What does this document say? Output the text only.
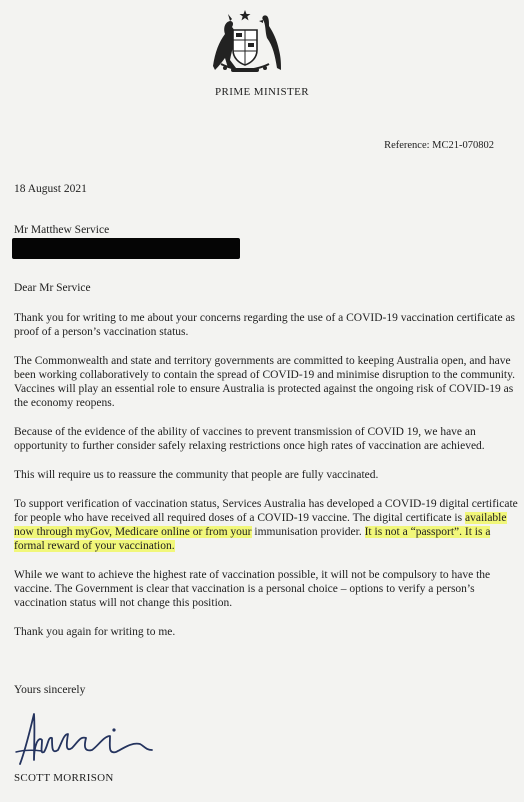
PRIME MINISTER
Reference: MC21-070802
18 August 2021
Mr Matthew Service
Dear Mr Service

Thank you for writing to me about your concerns regarding the use of a COVID-19 vaccination certificate as proof of a person’s vaccination status.

The Commonwealth and state and territory governments are committed to keeping Australia open, and have been working collaboratively to contain the spread of COVID-19 and minimise disruption to the community. Vaccines will play an essential role to ensure Australia is protected against the ongoing risk of COVID-19 as the economy reopens.

Because of the evidence of the ability of vaccines to prevent transmission of COVID 19, we have an opportunity to further consider safely relaxing restrictions once high rates of vaccination are achieved.

This will require us to reassure the community that people are fully vaccinated.

To support verification of vaccination status, Services Australia has developed a COVID-19 digital certificate for people who have received all required doses of a COVID-19 vaccine. The digital certificate is available now through myGov, Medicare online or from your immunisation provider. It is not a “passport”. It is a formal reward of your vaccination.

While we want to achieve the highest rate of vaccination possible, it will not be compulsory to have the vaccine. The Government is clear that vaccination is a personal choice – options to verify a person’s vaccination status will not change this position.

Thank you again for writing to me.

Yours sincerely
SCOTT MORRISON
